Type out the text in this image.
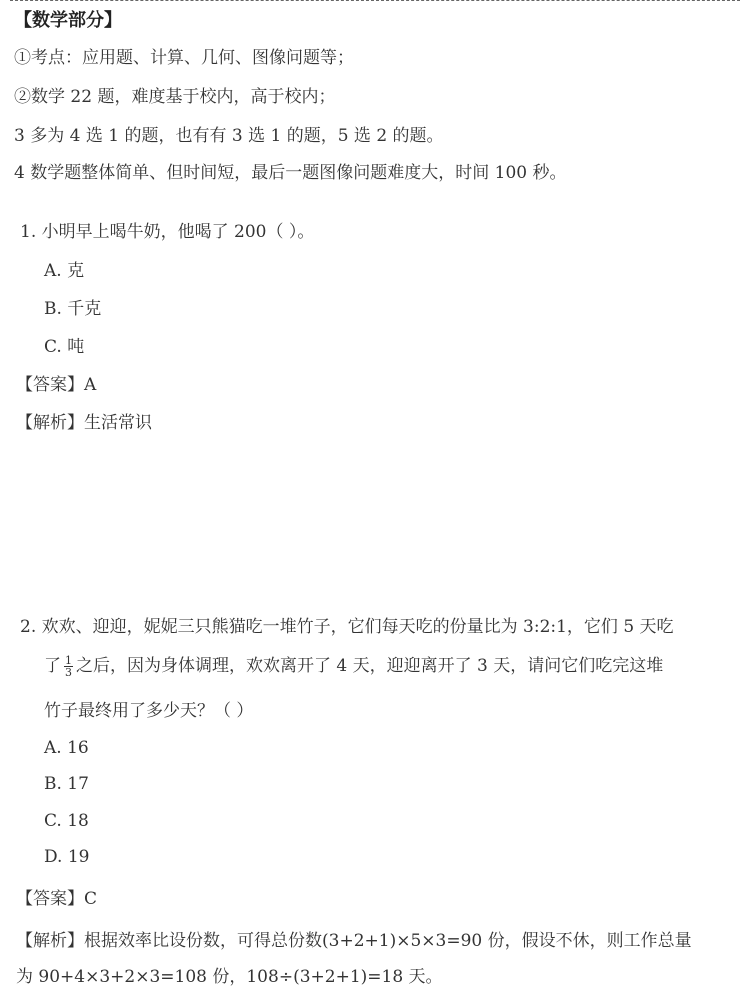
【数学部分】
①考点：应用题、计算、几何、图像问题等；
②数学 22 题，难度基于校内，高于校内；
3 多为 4 选 1 的题，也有有 3 选 1 的题，5 选 2 的题。
4 数学题整体简单、但时间短，最后一题图像问题难度大，时间 100 秒。
1. 小明早上喝牛奶，他喝了 200（ ）。
A. 克
B. 千克
C. 吨
【答案】A
【解析】生活常识
2. 欢欢、迎迎，妮妮三只熊猫吃一堆竹子，它们每天吃的份量比为 3:2:1，它们 5 天吃
了 $\frac{1}{3}$ 之后，因为身体调理，欢欢离开了 4 天，迎迎离开了 3 天，请问它们吃完这堆
竹子最终用了多少天？（ ）
A. 16
B. 17
C. 18
D. 19
【答案】C
【解析】根据效率比设份数，可得总份数(3+2+1)×5×3=90 份，假设不休，则工作总量
为 90+4×3+2×3=108 份，108÷(3+2+1)=18 天。
